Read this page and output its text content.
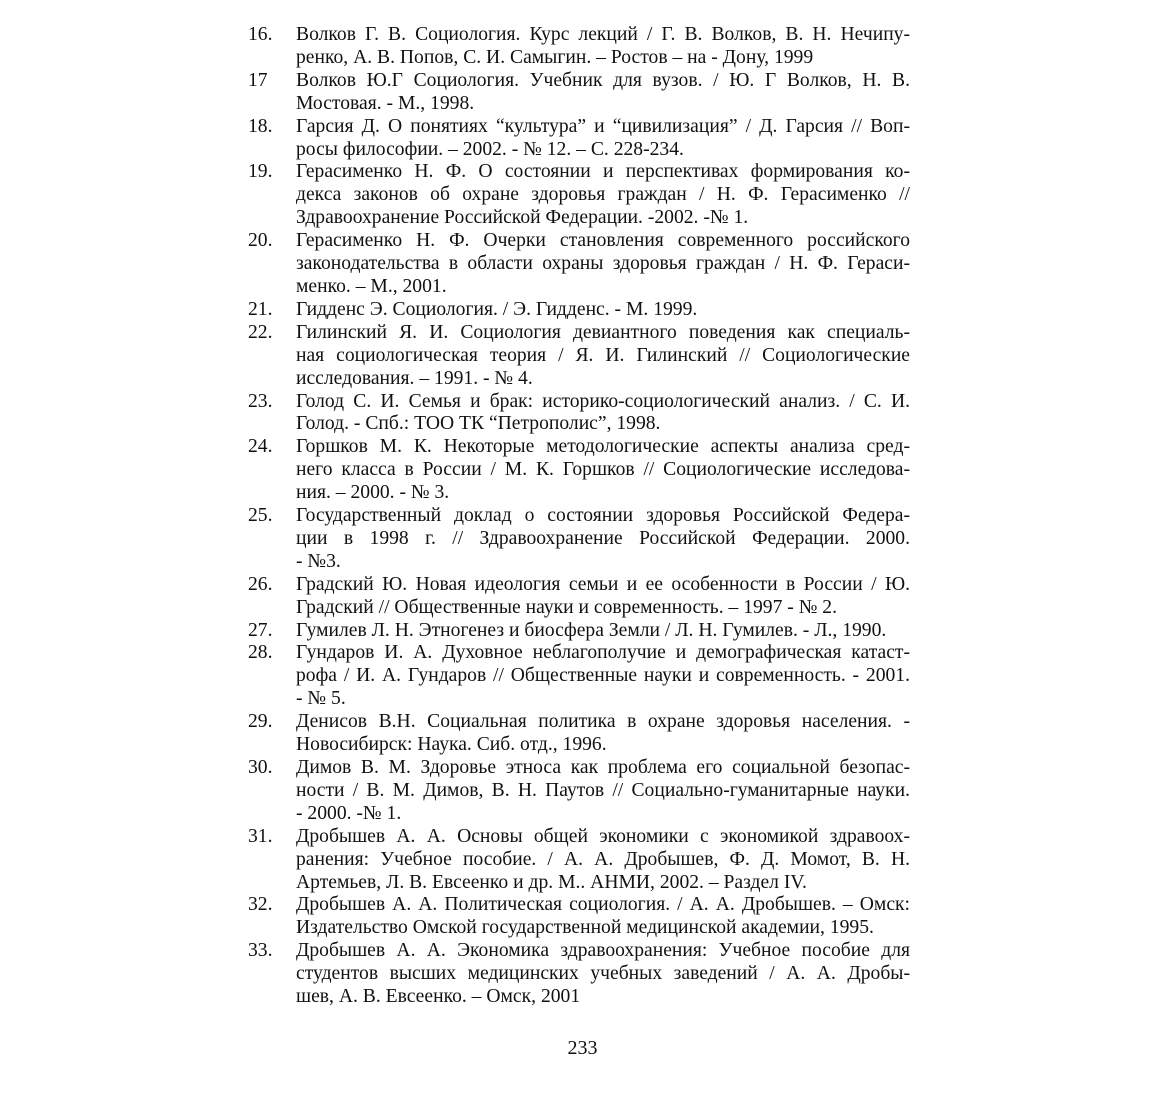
16.	Волков Г. В. Социология. Курс лекций / Г. В. Волков, В. Н. Нечипу-
ренко, А. В. Попов, С. И. Самыгин. – Ростов – на - Дону, 1999
17	Волков Ю.Г Социология. Учебник для вузов. / Ю. Г Волков, Н. В.
Мостовая. - М., 1998.
18.	Гарсия Д. О понятиях “культура” и “цивилизация” / Д. Гарсия // Воп-
росы философии. – 2002. - № 12. – С. 228-234.
19.	Герасименко Н. Ф. О состоянии и перспективах формирования ко-
декса законов об охране здоровья граждан / Н. Ф. Герасименко //
Здравоохранение Российской Федерации. -2002. -№ 1.
20.	Герасименко Н. Ф. Очерки становления современного российского
законодательства в области охраны здоровья граждан / Н. Ф. Гераси-
менко. – М., 2001.
21.	Гидденс Э. Социология. / Э. Гидденс. - М. 1999.
22.	Гилинский Я. И. Социология девиантного поведения как специаль-
ная социологическая теория / Я. И. Гилинский // Социологические
исследования. – 1991. - № 4.
23.	Голод С. И. Семья и брак: историко-социологический анализ. / С. И.
Голод. - Спб.: ТОО ТК “Петрополис”, 1998.
24.	Горшков М. К. Некоторые методологические аспекты анализа сред-
него класса в России / М. К. Горшков // Социологические исследова-
ния. – 2000. - № 3.
25.	Государственный доклад о состоянии здоровья Российской Федера-
ции в 1998 г. // Здравоохранение Российской Федерации. 2000.
- №3.
26.	Градский Ю. Новая идеология семьи и ее особенности в России / Ю.
Градский // Общественные науки и современность. – 1997 - № 2.
27.	Гумилев Л. Н. Этногенез и биосфера Земли / Л. Н. Гумилев. - Л., 1990.
28.	Гундаров И. А. Духовное неблагополучие и демографическая катаст-
рофа / И. А. Гундаров // Общественные науки и современность. - 2001.
- № 5.
29.	Денисов В.Н. Социальная политика в охране здоровья населения. -
Новосибирск: Наука. Сиб. отд., 1996.
30.	Димов В. М. Здоровье этноса как проблема его социальной безопас-
ности / В. М. Димов, В. Н. Паутов // Социально-гуманитарные науки.
- 2000. -№ 1.
31.	Дробышев А. А. Основы общей экономики с экономикой здравоох-
ранения: Учебное пособие. / А. А. Дробышев, Ф. Д. Момот, В. Н.
Артемьев, Л. В. Евсеенко и др. М.. АНМИ, 2002. – Раздел IV.
32.	Дробышев А. А. Политическая социология. / А. А. Дробышев. – Омск:
Издательство Омской государственной медицинской академии, 1995.
33.	Дробышев А. А. Экономика здравоохранения: Учебное пособие для
студентов высших медицинских учебных заведений / А. А. Дробы-
шев, А. В. Евсеенко. – Омск, 2001
233
